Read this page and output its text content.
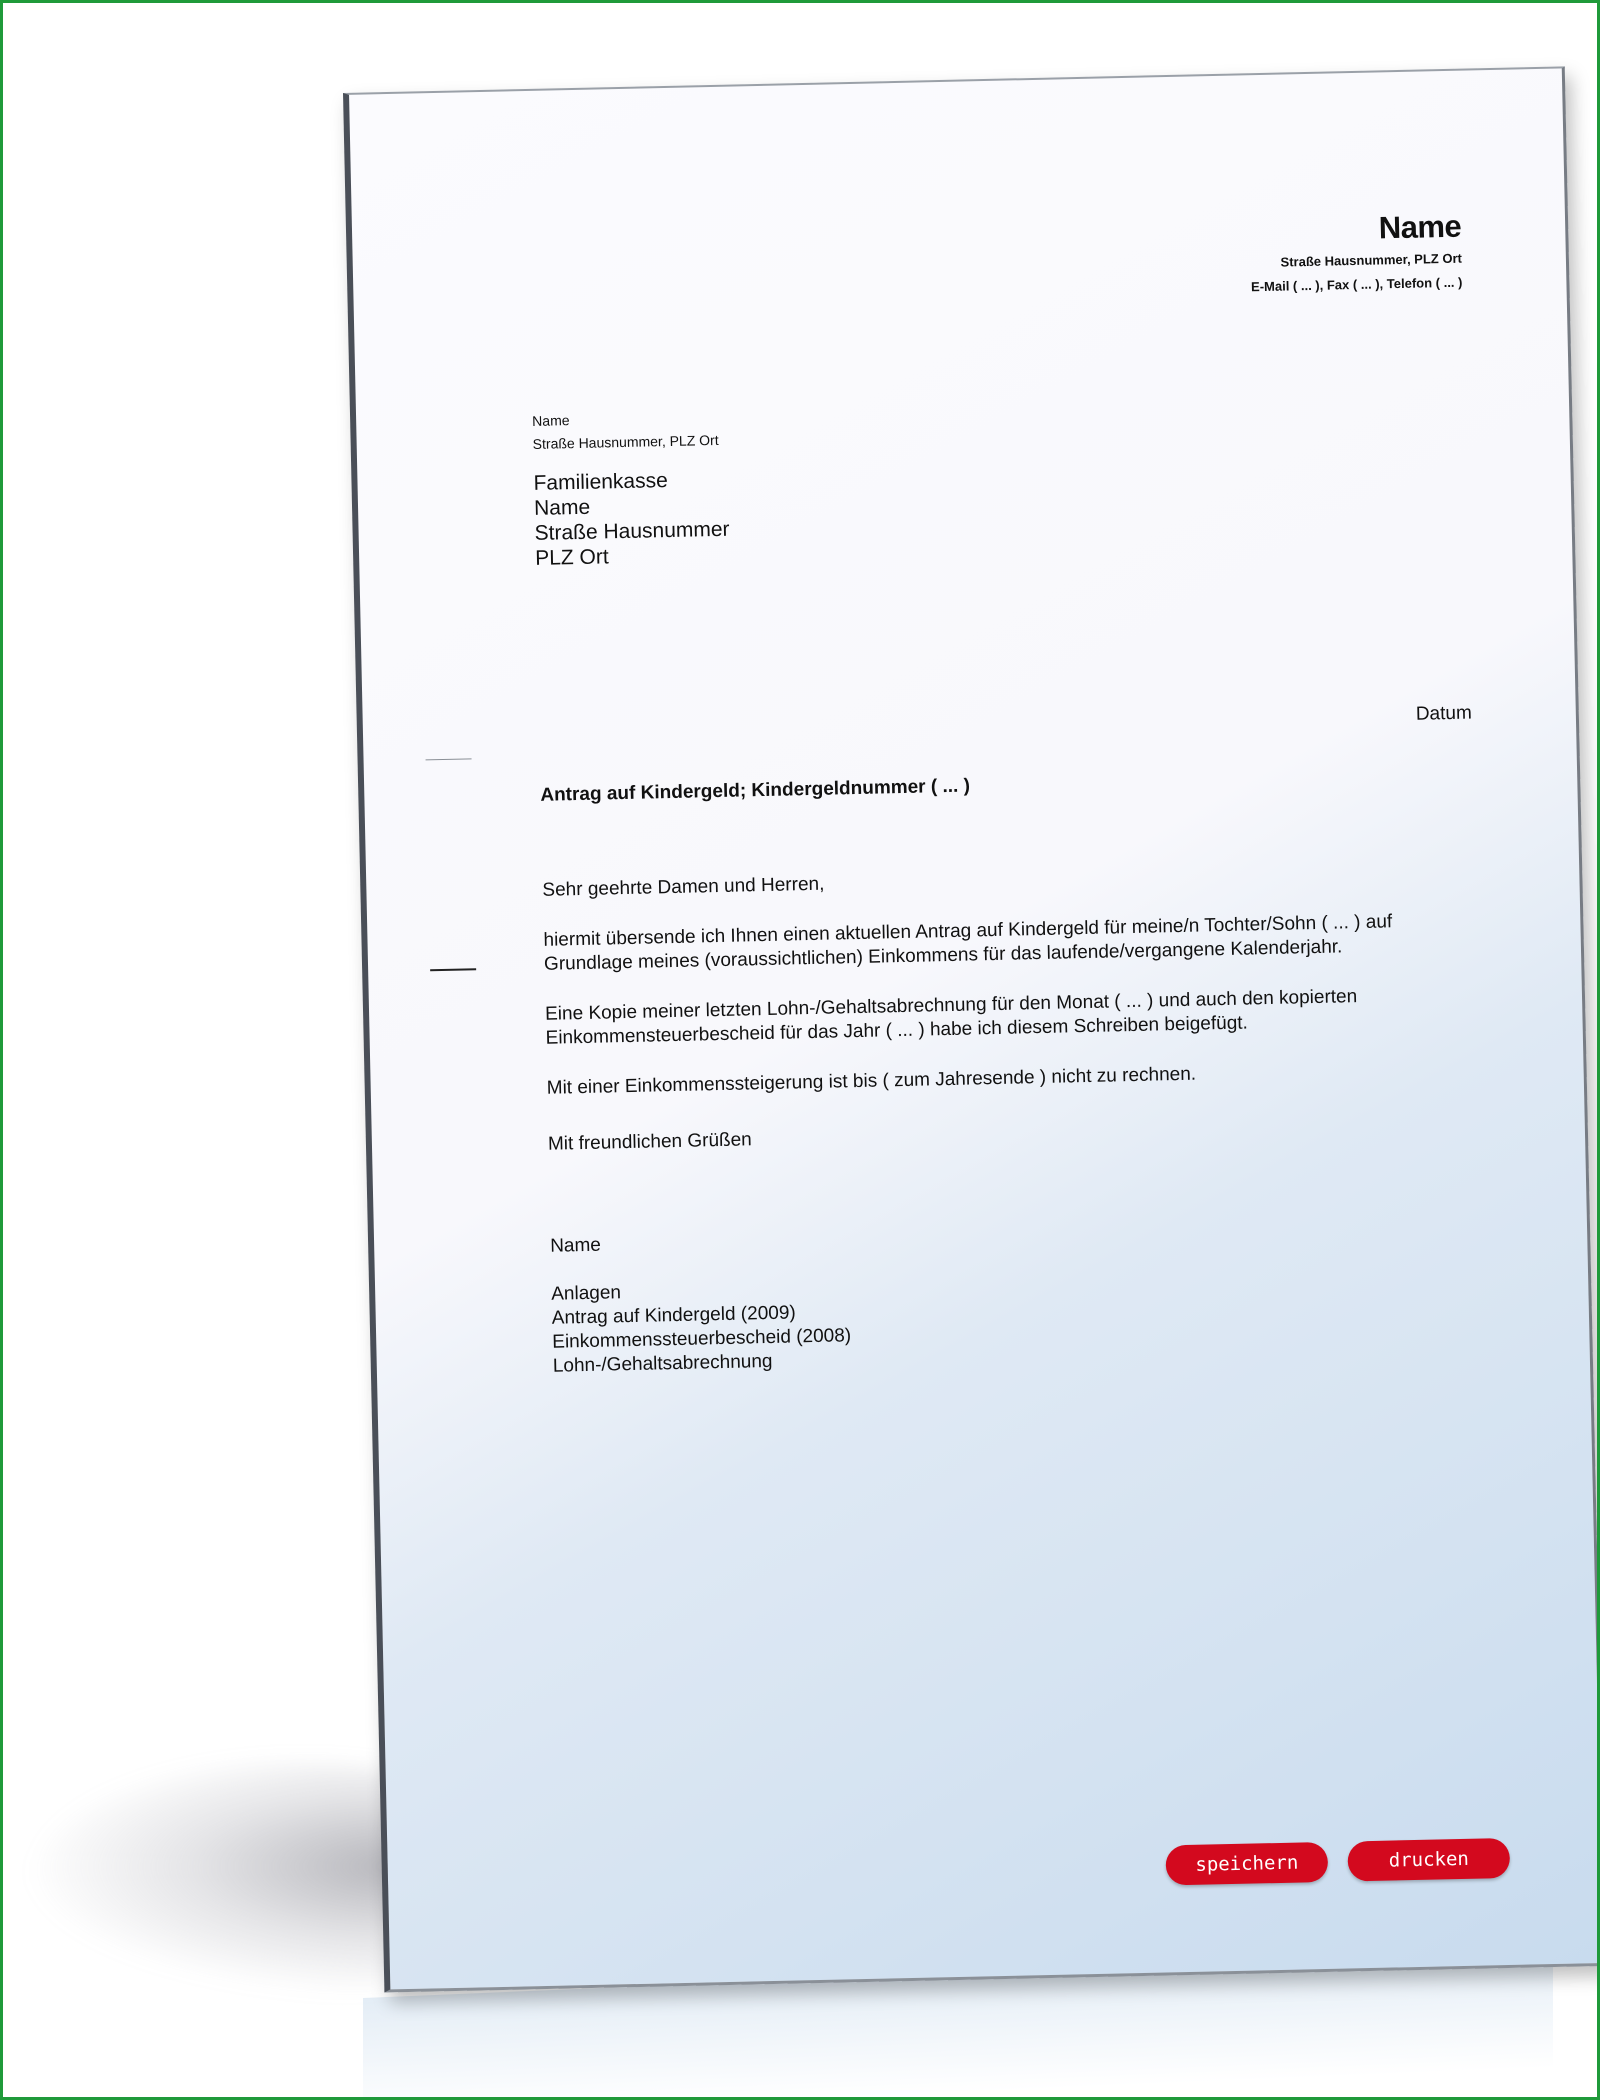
Name
Straße Hausnummer, PLZ Ort
E-Mail ( ... ), Fax ( ... ), Telefon ( ... )
Name
Straße Hausnummer, PLZ Ort
Familienkasse
Name
Straße Hausnummer
PLZ Ort
Datum
Antrag auf Kindergeld; Kindergeldnummer ( ... )
Sehr geehrte Damen und Herren,
hiermit übersende ich Ihnen einen aktuellen Antrag auf Kindergeld für meine/n Tochter/Sohn ( ... ) auf Grundlage meines (voraussichtlichen) Einkommens für das laufende/vergangene Kalenderjahr.
Eine Kopie meiner letzten Lohn-/Gehaltsabrechnung für den Monat ( ... ) und auch den kopierten Einkommensteuerbescheid für das Jahr ( ... ) habe ich diesem Schreiben beigefügt.
Mit einer Einkommenssteigerung ist bis ( zum Jahresende ) nicht zu rechnen.
Mit freundlichen Grüßen
Name
Anlagen
Antrag auf Kindergeld (2009)
Einkommenssteuerbescheid (2008)
Lohn-/Gehaltsabrechnung
speichern	drucken
